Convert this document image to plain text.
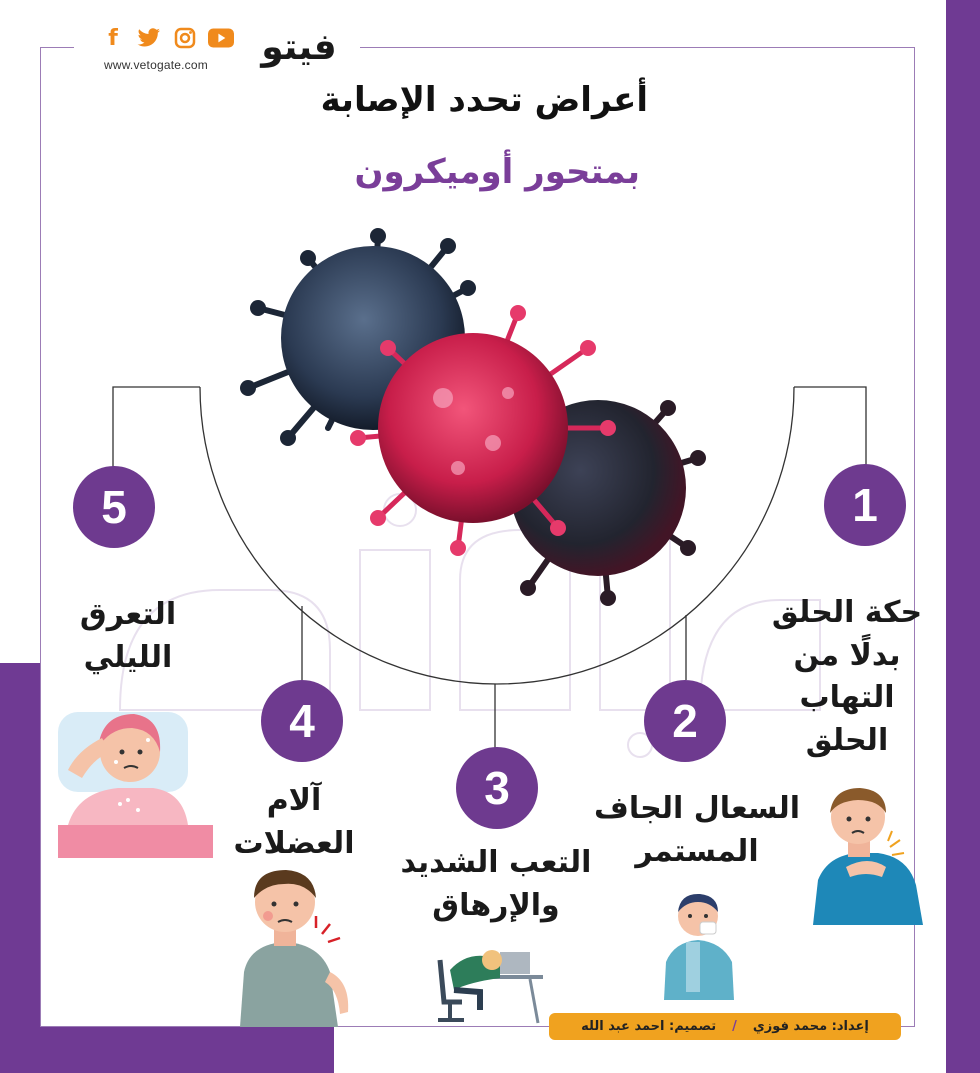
f
www.vetogate.com فيتو
أعراض تحدد الإصابة
بمتحور أوميكرون
1
2
3
4
5
حكة الحلق
بدلًا من
التهاب
الحلق
السعال الجاف
المستمر
التعب الشديد
والإرهاق
آلام
العضلات
التعرق
الليلي
إعداد: محمد فوزي
/
تصميم: احمد عبد الله
